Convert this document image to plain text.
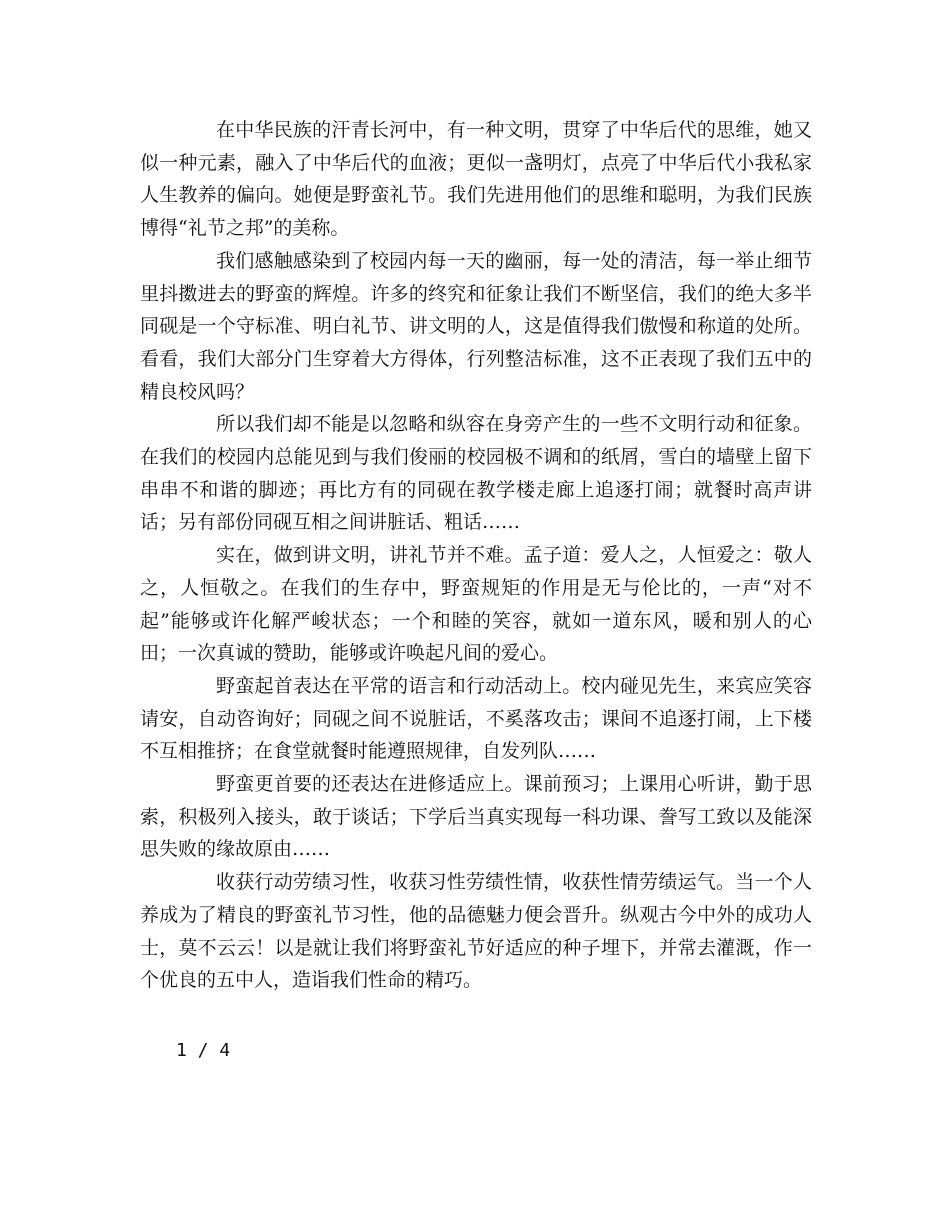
在中华民族的汗青长河中，有一种文明，贯穿了中华后代的思维，她又似一种元素，融入了中华后代的血液；更似一盏明灯，点亮了中华后代小我私家人生教养的偏向。她便是野蛮礼节。我们先进用他们的思维和聪明，为我们民族博得“礼节之邦”的美称。

我们感触感染到了校园内每一天的幽丽，每一处的清洁，每一举止细节里抖擞进去的野蛮的辉煌。许多的终究和征象让我们不断坚信，我们的绝大多半同砚是一个守标准、明白礼节、讲文明的人，这是值得我们傲慢和称道的处所。看看，我们大部分门生穿着大方得体，行列整洁标准，这不正表现了我们五中的精良校风吗？

所以我们却不能是以忽略和纵容在身旁产生的一些不文明行动和征象。在我们的校园内总能见到与我们俊丽的校园极不调和的纸屑，雪白的墙壁上留下串串不和谐的脚迹；再比方有的同砚在教学楼走廊上追逐打闹；就餐时高声讲话；另有部份同砚互相之间讲脏话、粗话……

实在，做到讲文明，讲礼节并不难。孟子道：爱人之，人恒爱之：敬人之，人恒敬之。在我们的生存中，野蛮规矩的作用是无与伦比的，一声“对不起”能够或许化解严峻状态；一个和睦的笑容，就如一道东风，暖和别人的心田；一次真诚的赞助，能够或许唤起凡间的爱心。

野蛮起首表达在平常的语言和行动活动上。校内碰见先生，来宾应笑容请安，自动咨询好；同砚之间不说脏话，不奚落攻击；课间不追逐打闹，上下楼不互相推挤；在食堂就餐时能遵照规律，自发列队……

野蛮更首要的还表达在进修适应上。课前预习；上课用心听讲，勤于思索，积极列入接头，敢于谈话；下学后当真实现每一科功课、誊写工致以及能深思失败的缘故原由……

收获行动劳绩习性，收获习性劳绩性情，收获性情劳绩运气。当一个人养成为了精良的野蛮礼节习性，他的品德魅力便会晋升。纵观古今中外的成功人士，莫不云云！以是就让我们将野蛮礼节好适应的种子埋下，并常去灌溉，作一个优良的五中人，造诣我们性命的精巧。

1 / 4
